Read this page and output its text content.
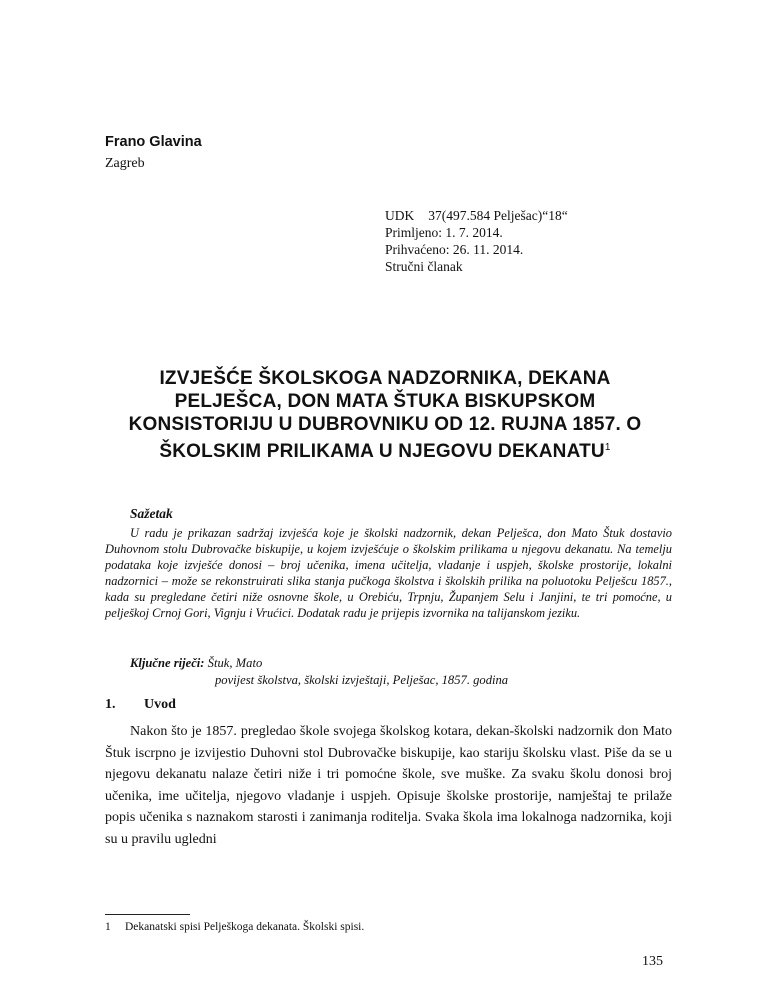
Frano Glavina
Zagreb
UDK 37(497.584 Pelješac)“18“
Primljeno: 1. 7. 2014.
Prihvaćeno: 26. 11. 2014.
Stručni članak
IZVJEŠĆE ŠKOLSKOGA NADZORNIKA, DEKANA
PELJEŠCA, DON MATA ŠTUKA BISKUPSKOM
KONSISTORIJU U DUBROVNIKU OD 12. RUJNA 1857. O
ŠKOLSKIM PRILIKAMA U NJEGOVU DEKANATU$^1$
Sažetak

U radu je prikazan sadržaj izvješća koje je školski nadzornik, dekan Pelješca, don Mato Štuk dostavio Duhovnom stolu Dubrovačke biskupije, u kojem izvješćuje o školskim prilikama u njegovu dekanatu. Na temelju podataka koje izvješće donosi – broj učenika, imena učitelja, vladanje i uspjeh, školske prostorije, lokalni nadzornici – može se rekonstruirati slika stanja pučkoga školstva i školskih prilika na poluotoku Pelješcu 1857., kada su pregledane četiri niže osnovne škole, u Orebiću, Trpnju, Županjem Selu i Janjini, te tri pomoćne, u pelješkoj Crnoj Gori, Vignju i Vrućici. Dodatak radu je prijepis izvornika na talijanskom jeziku.

Ključne riječi: Štuk, Mato
povijest školstva, školski izvještaji, Pelješac, 1857. godina
1. Uvod

Nakon što je 1857. pregledao škole svojega školskog kotara, dekan-školski nadzornik don Mato Štuk iscrpno je izvijestio Duhovni stol Dubrovačke biskupije, kao stariju školsku vlast. Piše da se u njegovu dekanatu nalaze četiri niže i tri pomoćne škole, sve muške. Za svaku školu donosi broj učenika, ime učitelja, njegovo vladanje i uspjeh. Opisuje školske prostorije, namještaj te prilaže popis učenika s naznakom starosti i zanimanja roditelja. Svaka škola ima lokalnoga nadzornika, koji su u pravilu ugledni

1 Dekanatski spisi Pelješkoga dekanata. Školski spisi.
135
